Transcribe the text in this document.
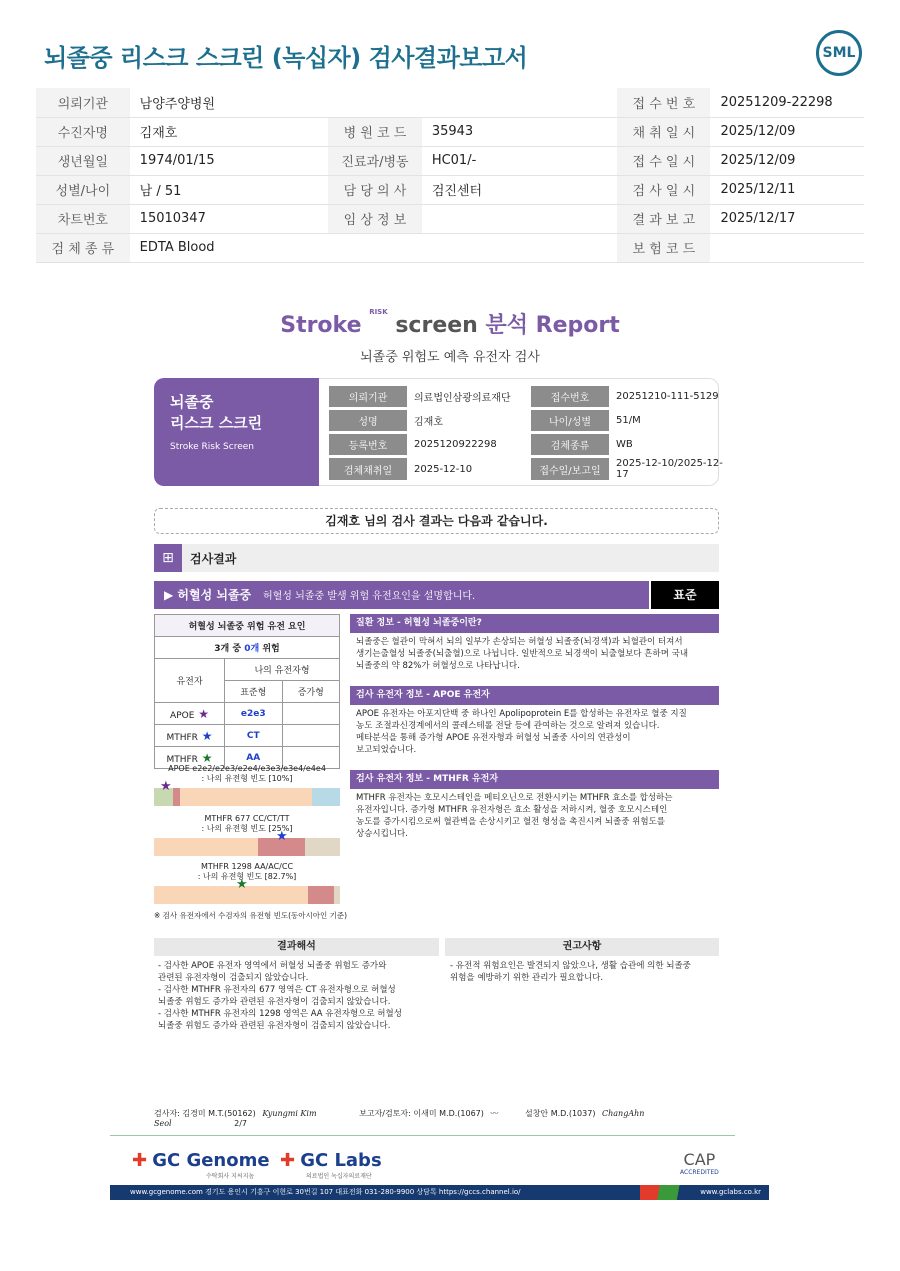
뇌졸중 리스크 스크린 (녹십자) 검사결과보고서	SML
의뢰기관	남양주양병원			접 수 번 호	20251209-22298
수진자명	김재호	병 원 코 드	35943	채 취 일 시	2025/12/09
생년월일	1974/01/15	진료과/병동	HC01/-	접 수 일 시	2025/12/09
성별/나이	남 / 51	담 당 의 사	검진센터	검 사 일 시	2025/12/11
차트번호	15010347	임 상 정 보		결 과 보 고	2025/12/17
검 체 종 류	EDTA Blood			보 험 코 드	
Stroke $^{RISK}$ screen 분석 Report
뇌졸중 위험도 예측 유전자 검사
뇌졸중
리스크 스크린
Stroke Risk Screen
의뢰기관	의료법인삼광의료재단	접수번호	20251210-111-5129
성명	김재호	나이/성별	51/M
등록번호	2025120922298	검체종류	WB
검체채취일	2025-12-10	접수일/보고일	2025-12-10/2025-12-17
김재호 님의 검사 결과는 다음과 같습니다.
⊞	검사결과
▶ 허혈성 뇌졸중 허혈성 뇌졸중 발생 위험 유전요인을 설명합니다.	표준
허혈성 뇌졸중 위험 유전 요인		
3개 중 0개 위험		
유전자	나의 유전자형	
	표준형	증가형
APOE ★	e2e3	
MTHFR ★	CT	
MTHFR ★	AA	
APOE e2e2/e2e3/e2e4/e3e3/e3e4/e4e4
: 나의 유전형 빈도 [10%]
★
MTHFR 677 CC/CT/TT
: 나의 유전형 빈도 [25%]
★
MTHFR 1298 AA/AC/CC
: 나의 유전형 빈도 [82.7%]
★
※ 검사 유전자에서 수검자의 유전형 빈도(동아시아인 기준)
질환 정보 - 허혈성 뇌졸중이란?
뇌졸중은 혈관이 막혀서 뇌의 일부가 손상되는 허혈성 뇌졸중(뇌경색)과 뇌혈관이 터져서
생기는출혈성 뇌졸중(뇌출혈)으로 나뉩니다. 일반적으로 뇌경색이 뇌출혈보다 흔하며 국내
뇌졸중의 약 82%가 허혈성으로 나타납니다.
검사 유전자 정보 - APOE 유전자
APOE 유전자는 아포지단백 중 하나인 Apolipoprotein E를 합성하는 유전자로 혈중 지질
농도 조절과신경계에서의 콜레스테롤 전달 등에 관여하는 것으로 알려져 있습니다.
메타분석을 통해 증가형 APOE 유전자형과 허혈성 뇌졸중 사이의 연관성이
보고되었습니다.
검사 유전자 정보 - MTHFR 유전자
MTHFR 유전자는 호모시스테인을 메티오닌으로 전환시키는 MTHFR 효소를 합성하는
유전자입니다. 증가형 MTHFR 유전자형은 효소 활성을 저하시켜, 혈중 호모시스테인
농도를 증가시킴으로써 혈관벽을 손상시키고 혈전 형성을 촉진시켜 뇌졸중 위험도를
상승시킵니다.
결과해석
- 검사한 APOE 유전자 영역에서 허혈성 뇌졸중 위험도 증가와
관련된 유전자형이 검출되지 않았습니다.
- 검사한 MTHFR 유전자의 677 영역은 CT 유전자형으로 허혈성
뇌졸중 위험도 증가와 관련된 유전자형이 검출되지 않았습니다.
- 검사한 MTHFR 유전자의 1298 영역은 AA 유전자형으로 허혈성
뇌졸중 위험도 증가와 관련된 유전자형이 검출되지 않았습니다.
권고사항
- 유전적 위험요인은 발견되지 않았으나, 생활 습관에 의한 뇌졸중
위험을 예방하기 위한 관리가 필요합니다.
검사자: 김경미 M.T.(50162) Kyungmi Kim	보고자/검토자: 이새미 M.D.(1067) 〰	설창안 M.D.(1037) ChangAhn Seol	2/7
✚ GC Genome
수탁회사 지씨지놈
✚ GC Labs
의료법인 녹십자의료재단
CAP
ACCREDITED
www.gcgenome.com 경기도 용인시 기흥구 이현로 30번길 107 대표전화 031-280-9900 상담톡 https://gccs.channel.io/	www.gclabs.co.kr
